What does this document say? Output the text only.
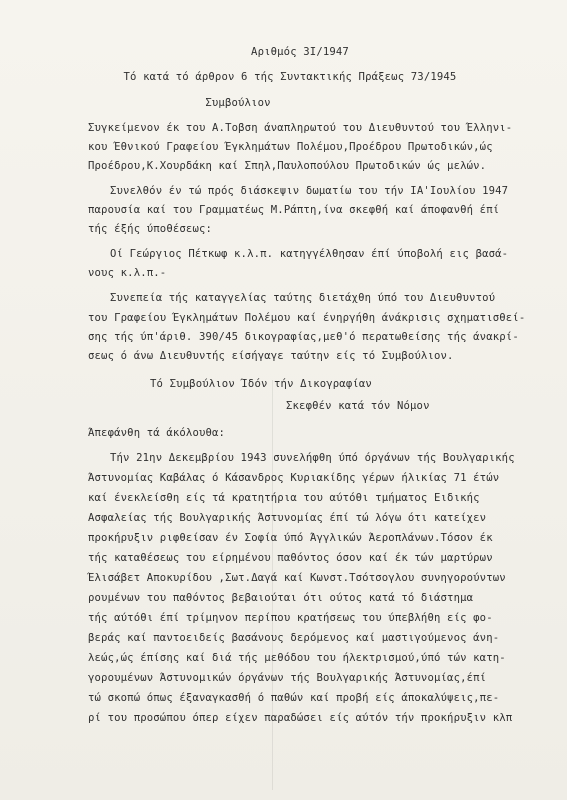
Αριθμός 3Ι/1947
Τό κατά τό άρθρον 6 τής Συντακτικής Πράξεως 73/1945
Συμβούλιον
Συγκείμενον έκ του Α.Τοβση άναπληρωτού του Διευθυντού του Έλληνι-
κου Έθνικού Γραφείου Έγκλημάτων Πολέμου,Προέδρου Πρωτοδικών,ώς
Προέδρου,Κ.Χουρδάκη καί Σπηλ,Παυλοπούλου Πρωτοδικών ώς μελών.
Συνελθόν έν τώ πρός διάσκεψιν δωματίω του τήν ΙΑ'Ιουλίου 1947
παρουσία καί του Γραμματέως Μ.Ράπτη,ίνα σκεφθή καί άποφανθή έπί
τής έξής ύποθέσεως:
Οί Γεώργιος Πέτκωφ κ.λ.π. κατηγγέλθησαν έπί ύποβολή εις βασά-
νους κ.λ.π.-
Συνεπεία τής καταγγελίας ταύτης διετάχθη ύπό του Διευθυντού
του Γραφείου Έγκλημάτων Πολέμου καί ένηργήθη άνάκρισις σχηματισθεί-
σης τής ύπ'άριθ. 390/45 δικογραφίας,μεθ'ό περατωθείσης τής άνακρί-
σεως ό άνω Διευθυντής είσήγαγε ταύτην είς τό Συμβούλιον.
Τό Συμβούλιον Ίδόν τήν Δικογραφίαν
Σκεφθέν κατά τόν Νόμον
Άπεφάνθη τά άκόλουθα:
Τήν 21ην Δεκεμβρίου 1943 συνελήφθη ύπό όργάνων τής Βουλγαρικής
Άστυνομίας Καβάλας ό Κάσανδρος Κυριακίδης γέρων ήλικίας 71 έτών
καί ένεκλείσθη είς τά κρατητήρια του αύτόθι τμήματος Ειδικής
Ασφαλείας τής Βουλγαρικής Άστυνομίας έπί τώ λόγω ότι κατείχεν
προκήρυξιν ριφθείσαν έν Σοφία ύπό Άγγλικών Άεροπλάνων.Τόσον έκ
τής καταθέσεως του είρημένου παθόντος όσον καί έκ τών μαρτύρων
Έλισάβετ Αποκυρίδου ,Σωτ.Δαγά καί Κωνστ.Τσότσογλου συνηγορούντων
ρουμένων του παθόντος βεβαιούται ότι ούτος κατά τό διάστημα
τής αύτόθι έπί τρίμηνον περίπου κρατήσεως του ύπεβλήθη είς φο-
βεράς καί παντοειδείς βασάνους δερόμενος καί μαστιγούμενος άνη-
λεώς,ώς έπίσης καί διά τής μεθόδου του ήλεκτρισμού,ύπό τών κατη-
γορουμένων Άστυνομικών όργάνων τής Βουλγαρικής Άστυνομίας,έπί
τώ σκοπώ όπως έξαναγκασθή ό παθών καί προβή είς άποκαλύψεις,πε-
ρί του προσώπου όπερ είχεν παραδώσει είς αύτόν τήν προκήρυξιν κλπ
